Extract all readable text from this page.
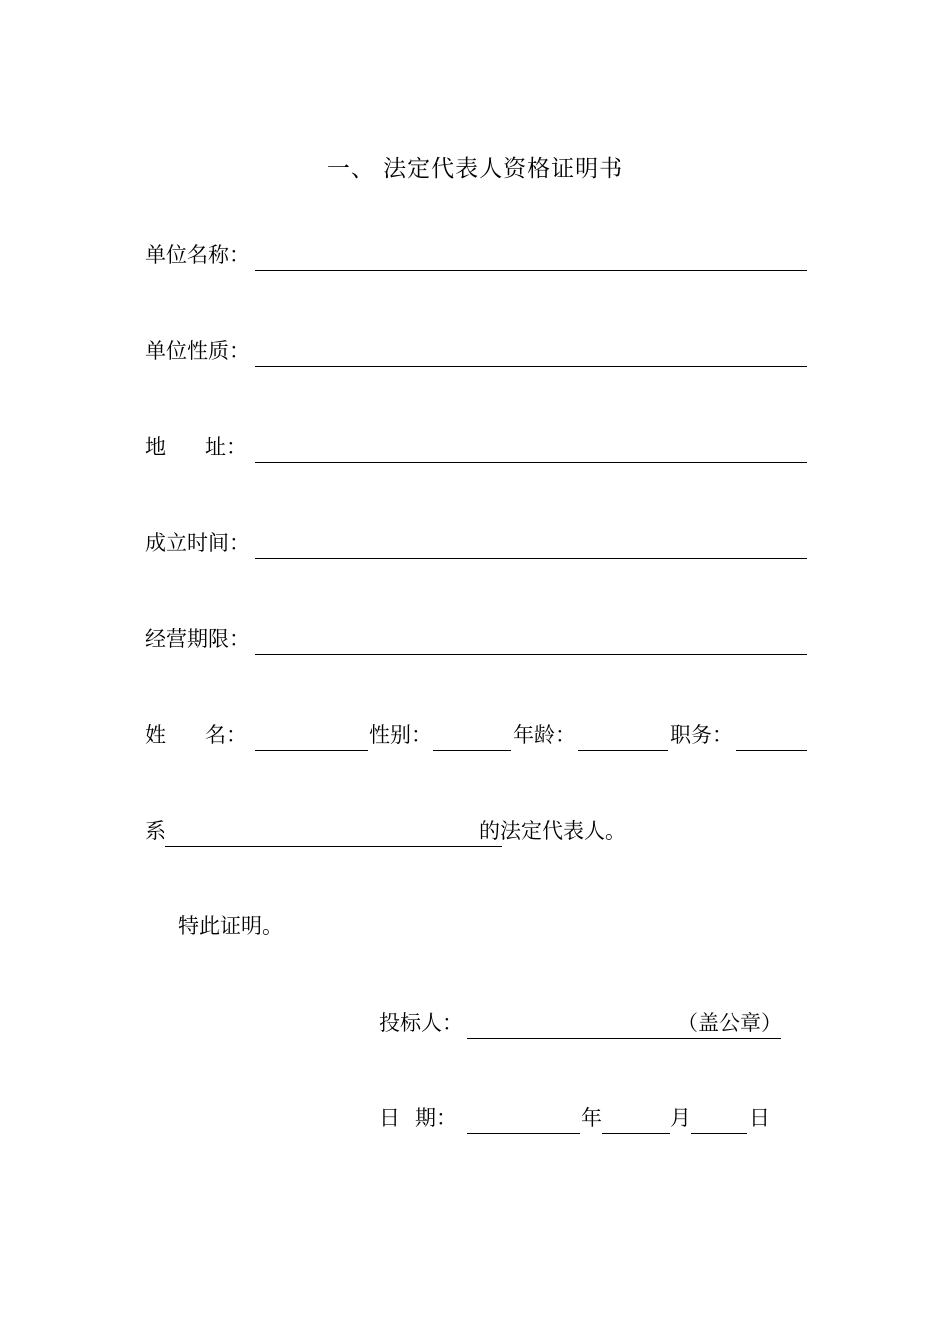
一、 法定代表人资格证明书
单位名称：
单位性质：
地 址：
成立时间：
经营期限：
姓 名：	性别：	年龄：	职务：
系	的法定代表人。
特此证明。
投标人：	（盖公章）
日 期：	年	月	日
